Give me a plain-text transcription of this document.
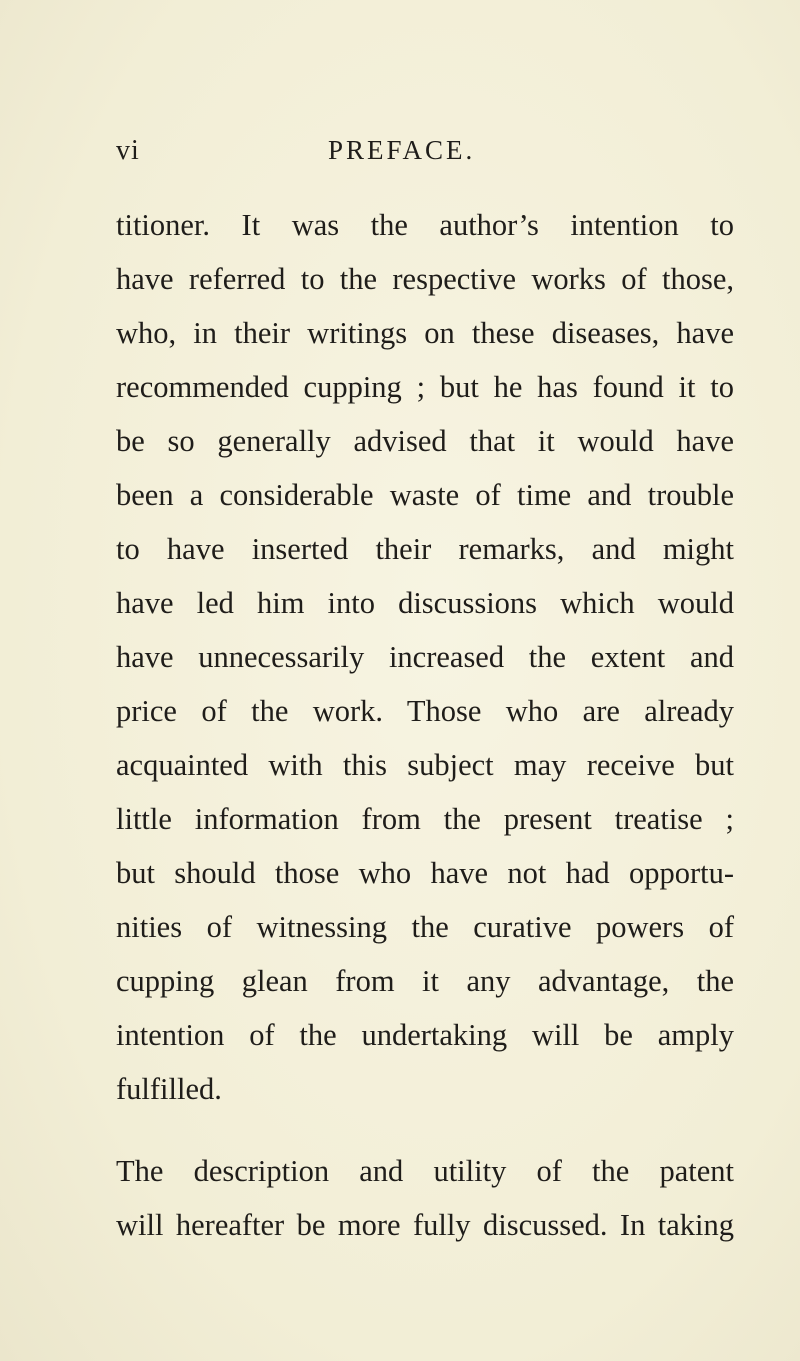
vi	PREFACE.
titioner. It was the author’s intention to
have referred to the respective works of those,
who, in their writings on these diseases, have
recommended cupping ; but he has found it to
be so generally advised that it would have
been a considerable waste of time and trouble
to have inserted their remarks, and might
have led him into discussions which would
have unnecessarily increased the extent and
price of the work. Those who are already
acquainted with this subject may receive but
little information from the present treatise ;
but should those who have not had opportu-
nities of witnessing the curative powers of
cupping glean from it any advantage, the
intention of the undertaking will be amply
fulfilled.
The description and utility of the patent
will hereafter be more fully discussed. In taking
